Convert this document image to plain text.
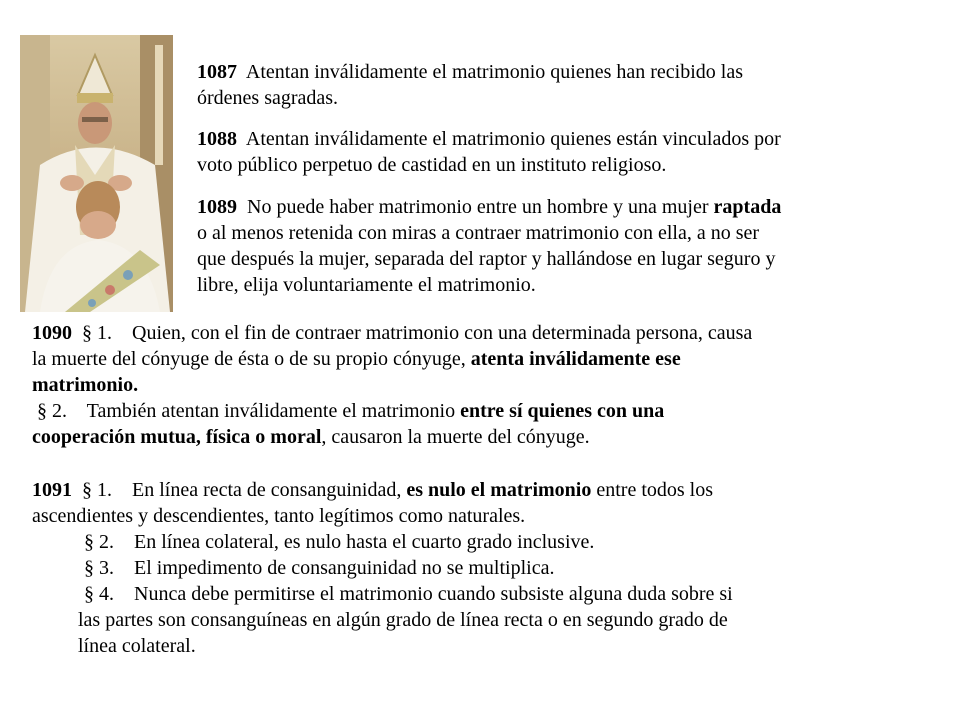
1087 Atentan inválidamente el matrimonio quienes han recibido las
órdenes sagradas.

1088 Atentan inválidamente el matrimonio quienes están vinculados por
voto público perpetuo de castidad en un instituto religioso.

1089 No puede haber matrimonio entre un hombre y una mujer raptada
o al menos retenida con miras a contraer matrimonio con ella, a no ser
que después la mujer, separada del raptor y hallándose en lugar seguro y
libre, elija voluntariamente el matrimonio.

1090 § 1. Quien, con el fin de contraer matrimonio con una determinada persona, causa
la muerte del cónyuge de ésta o de su propio cónyuge, atenta inválidamente ese
matrimonio.
§ 2. También atentan inválidamente el matrimonio entre sí quienes con una
cooperación mutua, física o moral, causaron la muerte del cónyuge.

1091 § 1. En línea recta de consanguinidad, es nulo el matrimonio entre todos los
ascendientes y descendientes, tanto legítimos como naturales.
§ 2. En línea colateral, es nulo hasta el cuarto grado inclusive.
§ 3. El impedimento de consanguinidad no se multiplica.
§ 4. Nunca debe permitirse el matrimonio cuando subsiste alguna duda sobre si
las partes son consanguíneas en algún grado de línea recta o en segundo grado de
línea colateral.
